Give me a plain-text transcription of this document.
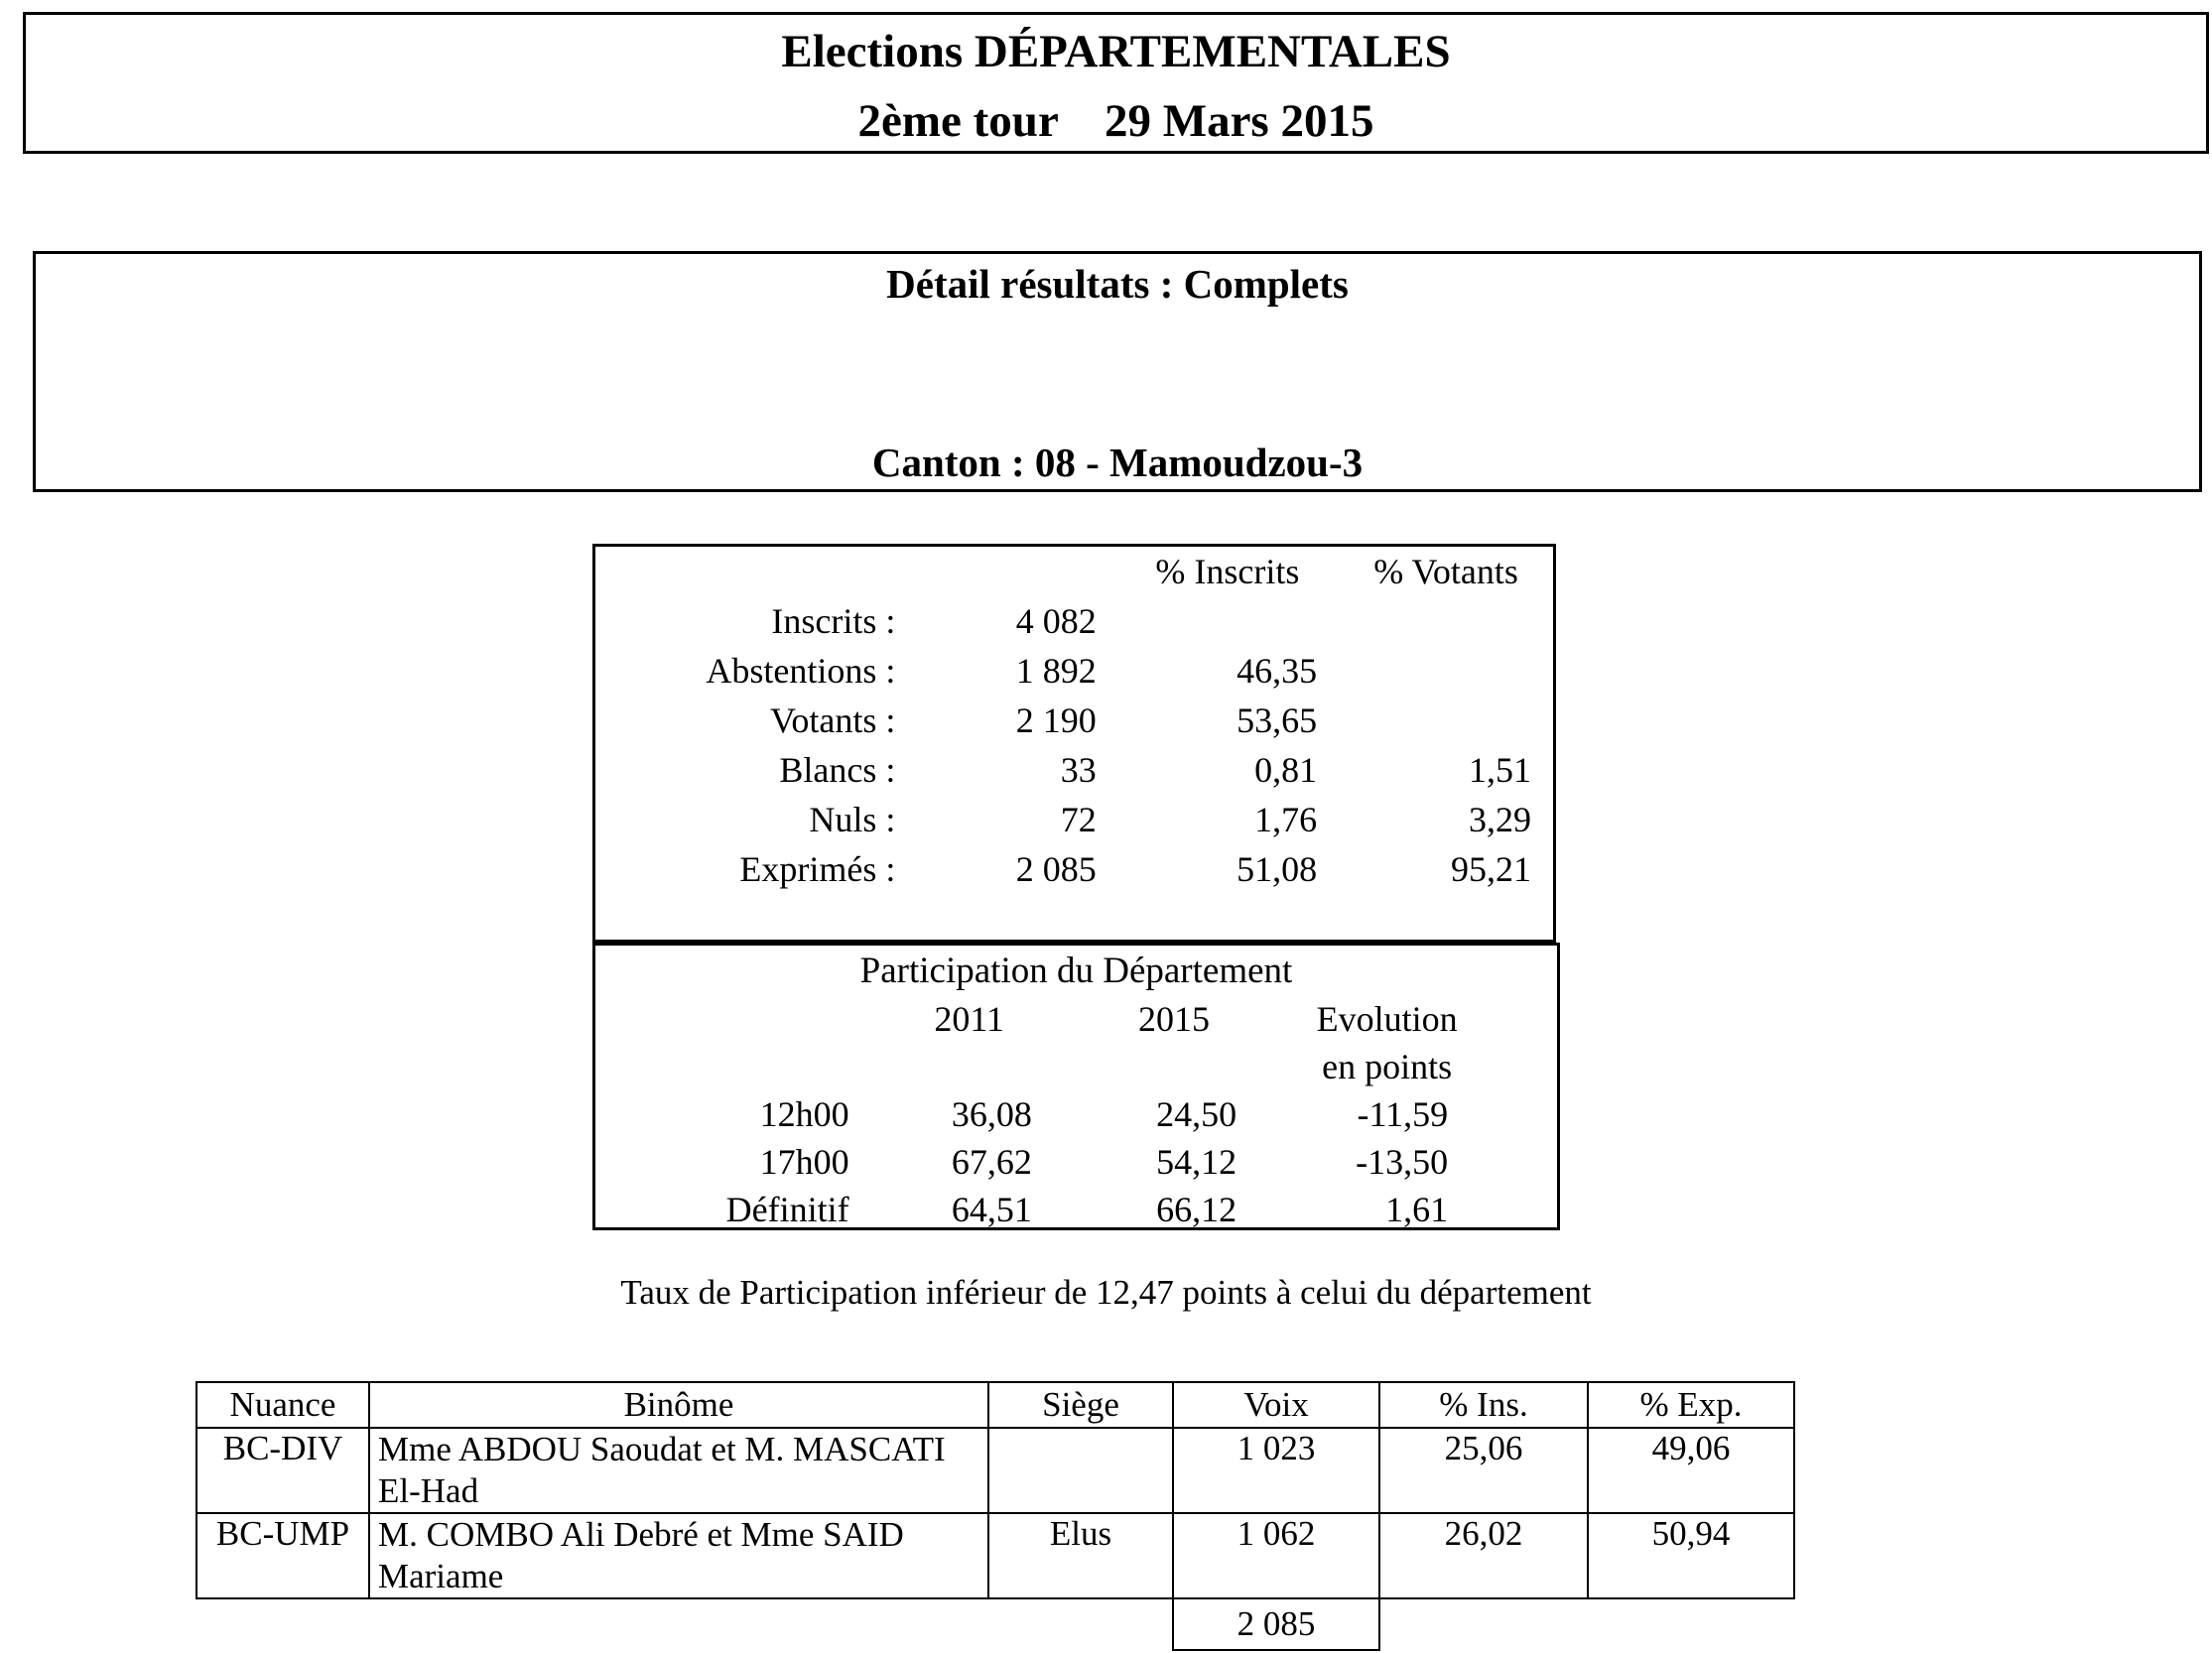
Elections DÉPARTEMENTALES
2ème tour    29 Mars 2015
Détail résultats : Complets
Canton : 08 - Mamoudzou-3
		% Inscrits	% Votants
Inscrits :	4 082		
Abstentions :	1 892	46,35	
Votants :	2 190	53,65	
Blancs :	33	0,81	1,51
Nuls :	72	1,76	3,29
Exprimés :	2 085	51,08	95,21
Participation du Département				
	2011	2015	Evolution	
			en points	
12h00	36,08	24,50	-11,59	
17h00	67,62	54,12	-13,50	
Définitif	64,51	66,12	1,61	
Taux de Participation inférieur de 12,47 points à celui du département
Nuance	Binôme	Siège	Voix	% Ins.	% Exp.
BC-DIV	Mme ABDOU Saoudat et M. MASCATI El-Had		1 023	25,06	49,06
BC-UMP	M. COMBO Ali Debré et Mme SAID Mariame	Elus	1 062	26,02	50,94
			2 085		
